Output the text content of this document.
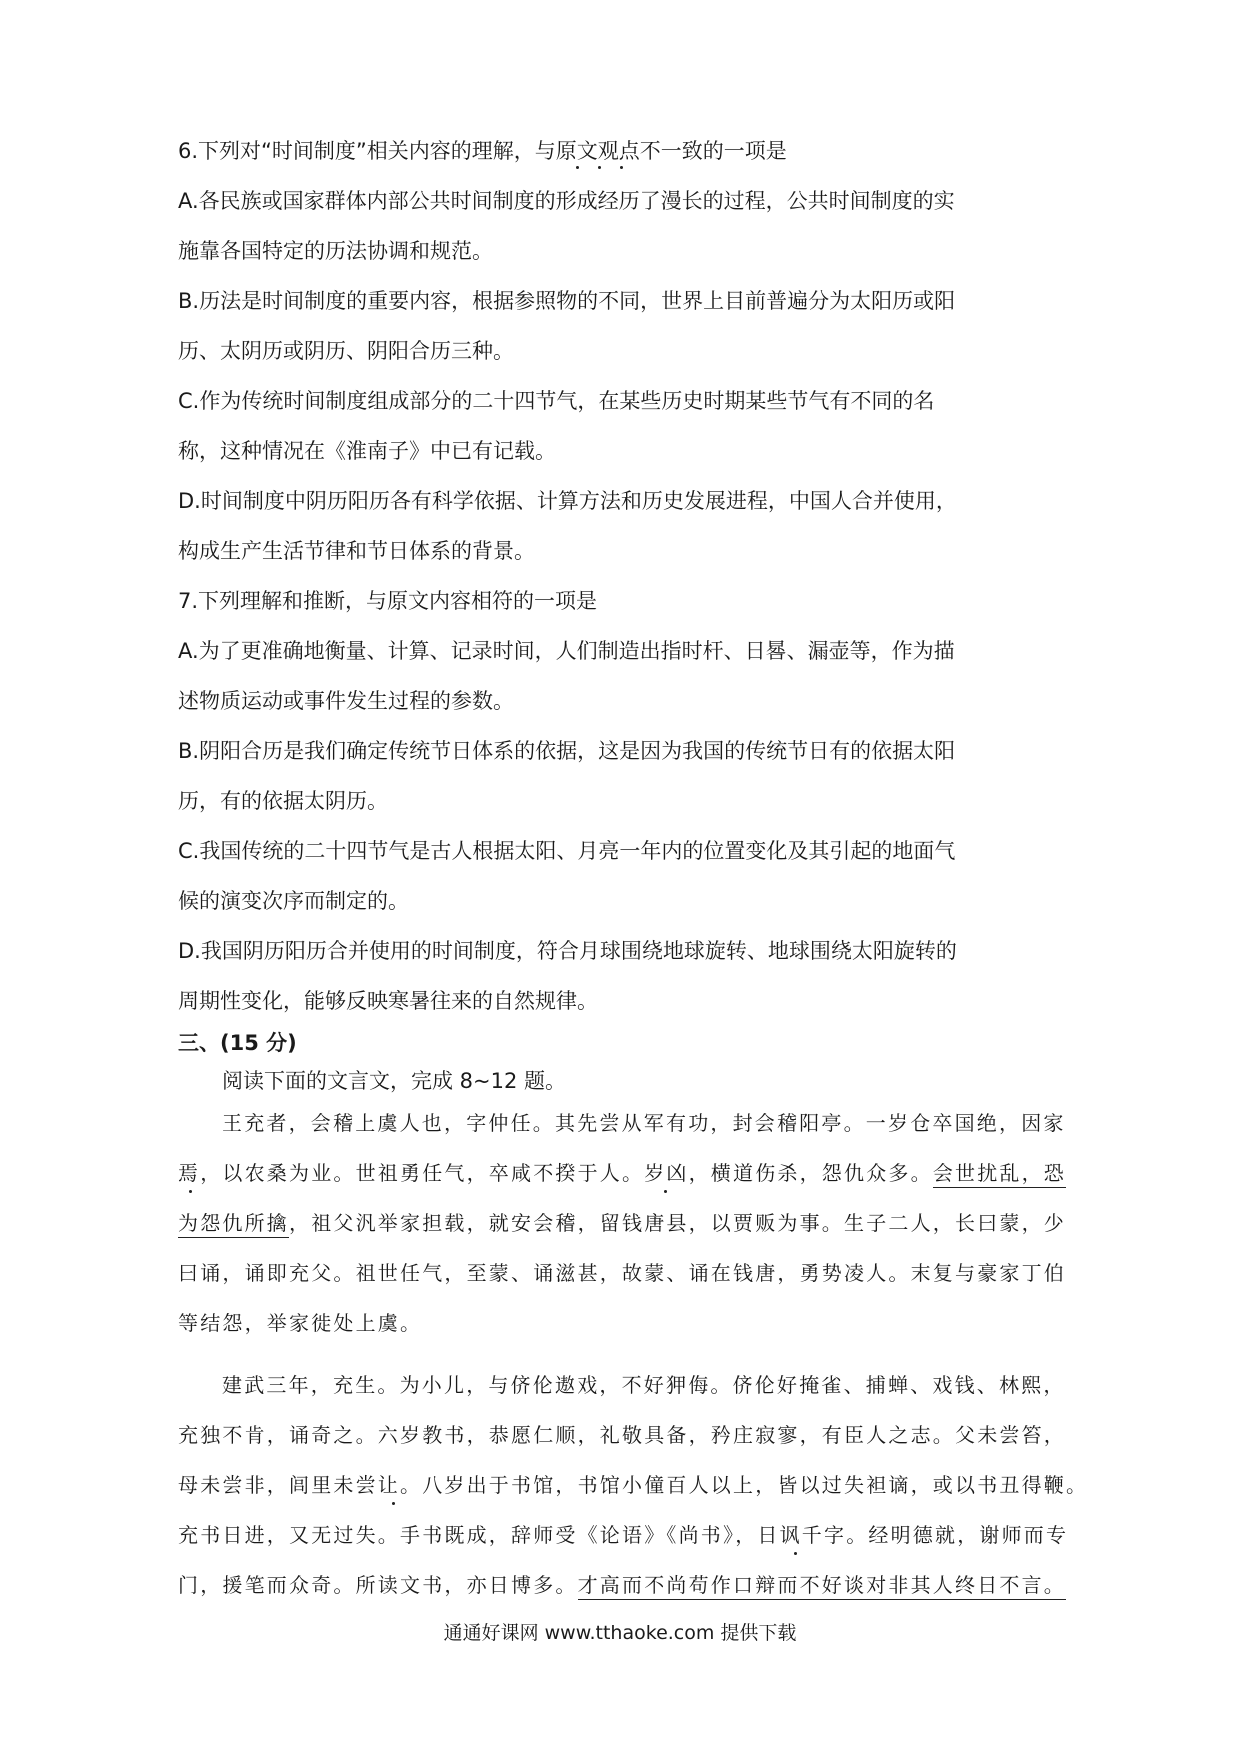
6.下列对“时间制度”相关内容的理解，与原文观点不一致的一项是
A.各民族或国家群体内部公共时间制度的形成经历了漫长的过程，公共时间制度的实
施靠各国特定的历法协调和规范。
B.历法是时间制度的重要内容，根据参照物的不同，世界上目前普遍分为太阳历或阳
历、太阴历或阴历、阴阳合历三种。
C.作为传统时间制度组成部分的二十四节气，在某些历史时期某些节气有不同的名
称，这种情况在《淮南子》中已有记载。
D.时间制度中阴历阳历各有科学依据、计算方法和历史发展进程，中国人合并使用，
构成生产生活节律和节日体系的背景。
7.下列理解和推断，与原文内容相符的一项是
A.为了更准确地衡量、计算、记录时间，人们制造出指时杆、日晷、漏壶等，作为描
述物质运动或事件发生过程的参数。
B.阴阳合历是我们确定传统节日体系的依据，这是因为我国的传统节日有的依据太阳
历，有的依据太阴历。
C.我国传统的二十四节气是古人根据太阳、月亮一年内的位置变化及其引起的地面气
候的演变次序而制定的。
D.我国阴历阳历合并使用的时间制度，符合月球围绕地球旋转、地球围绕太阳旋转的
周期性变化，能够反映寒暑往来的自然规律。
三、(15 分)
阅读下面的文言文，完成 8~12 题。
王充者，会稽上虞人也，字仲任。其先尝从军有功，封会稽阳亭。一岁仓卒国绝，因家
焉，以农桑为业。世祖勇任气，卒咸不揆于人。岁凶，横道伤杀，怨仇众多。会世扰乱，恐
为怨仇所擒，祖父汎举家担载，就安会稽，留钱唐县，以贾贩为事。生子二人，长曰蒙，少
曰诵，诵即充父。祖世任气，至蒙、诵滋甚，故蒙、诵在钱唐，勇势凌人。末复与豪家丁伯
等结怨，举家徙处上虞。
建武三年，充生。为小儿，与侪伦遨戏，不好狎侮。侪伦好掩雀、捕蝉、戏钱、林熙，
充独不肯，诵奇之。六岁教书，恭愿仁顺，礼敬具备，矜庄寂寥，有臣人之志。父未尝笞，
母未尝非，闾里未尝让。八岁出于书馆，书馆小僮百人以上，皆以过失袒谪，或以书丑得鞭。
充书日进，又无过失。手书既成，辞师受《论语》《尚书》，日讽千字。经明德就，谢师而专
通通好课网 www.tthaoke.com 提供下载
门，援笔而众奇。所读文书，亦日博多。才高而不尚苟作口辩而不好谈对非其人终日不言。
